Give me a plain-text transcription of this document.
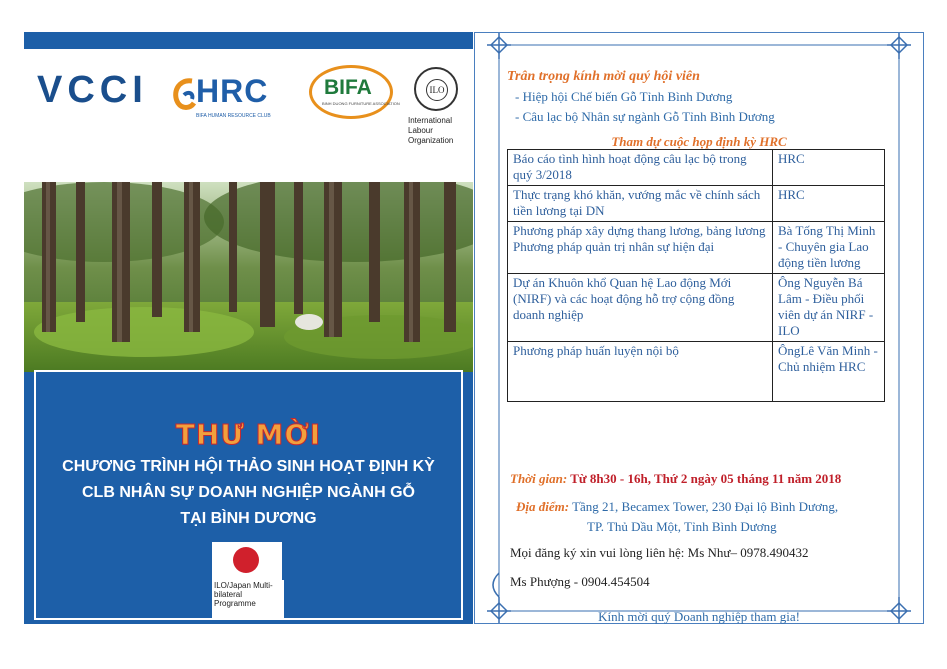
VCCI HRC
BIFA HUMAN RESOURCE CLUB
BIFA
BINH DUONG FURNITURE ASSOCIATION
ILO
International Labour Organization
THƯ MỜI
CHƯƠNG TRÌNH HỘI THẢO SINH HOẠT ĐỊNH KỲ
CLB NHÂN SỰ DOANH NGHIỆP NGÀNH GỖ
TẠI BÌNH DƯƠNG
ILO/Japan Multi-bilateral Programme
Trân trọng kính mời quý hội viên
- Hiệp hội Chế biến Gỗ Tỉnh Bình Dương
- Câu lạc bộ Nhân sự ngành Gỗ Tỉnh Bình Dương
Tham dự cuộc họp định kỳ HRC
Báo cáo tình hình hoạt động câu lạc bộ trong quý 3/2018	HRC
Thực trạng khó khăn, vướng mắc về chính sách tiền lương tại DN	HRC
Phương pháp xây dựng thang lương, bảng lương
Phương pháp quản trị nhân sự hiện đại	Bà Tống Thị Minh - Chuyên gia Lao động tiền lương
Dự án Khuôn khổ Quan hệ Lao động Mới (NIRF) và các hoạt động hỗ trợ cộng đồng doanh nghiệp	Ông Nguyễn Bá Lâm - Điều phối viên dự án NIRF - ILO
Phương pháp huấn luyện nội bộ	ÔngLê Văn Minh - Chủ nhiệm HRC
Thời gian: Từ 8h30 - 16h, Thứ 2 ngày 05 tháng 11 năm 2018
Địa điểm: Tầng 21, Becamex Tower, 230 Đại lộ Bình Dương,
TP. Thủ Dầu Một, Tỉnh Bình Dương
Mọi đăng ký xin vui lòng liên hệ: Ms Như– 0978.490432
Ms Phượng - 0904.454504
Kính mời quý Doanh nghiệp tham gia!
